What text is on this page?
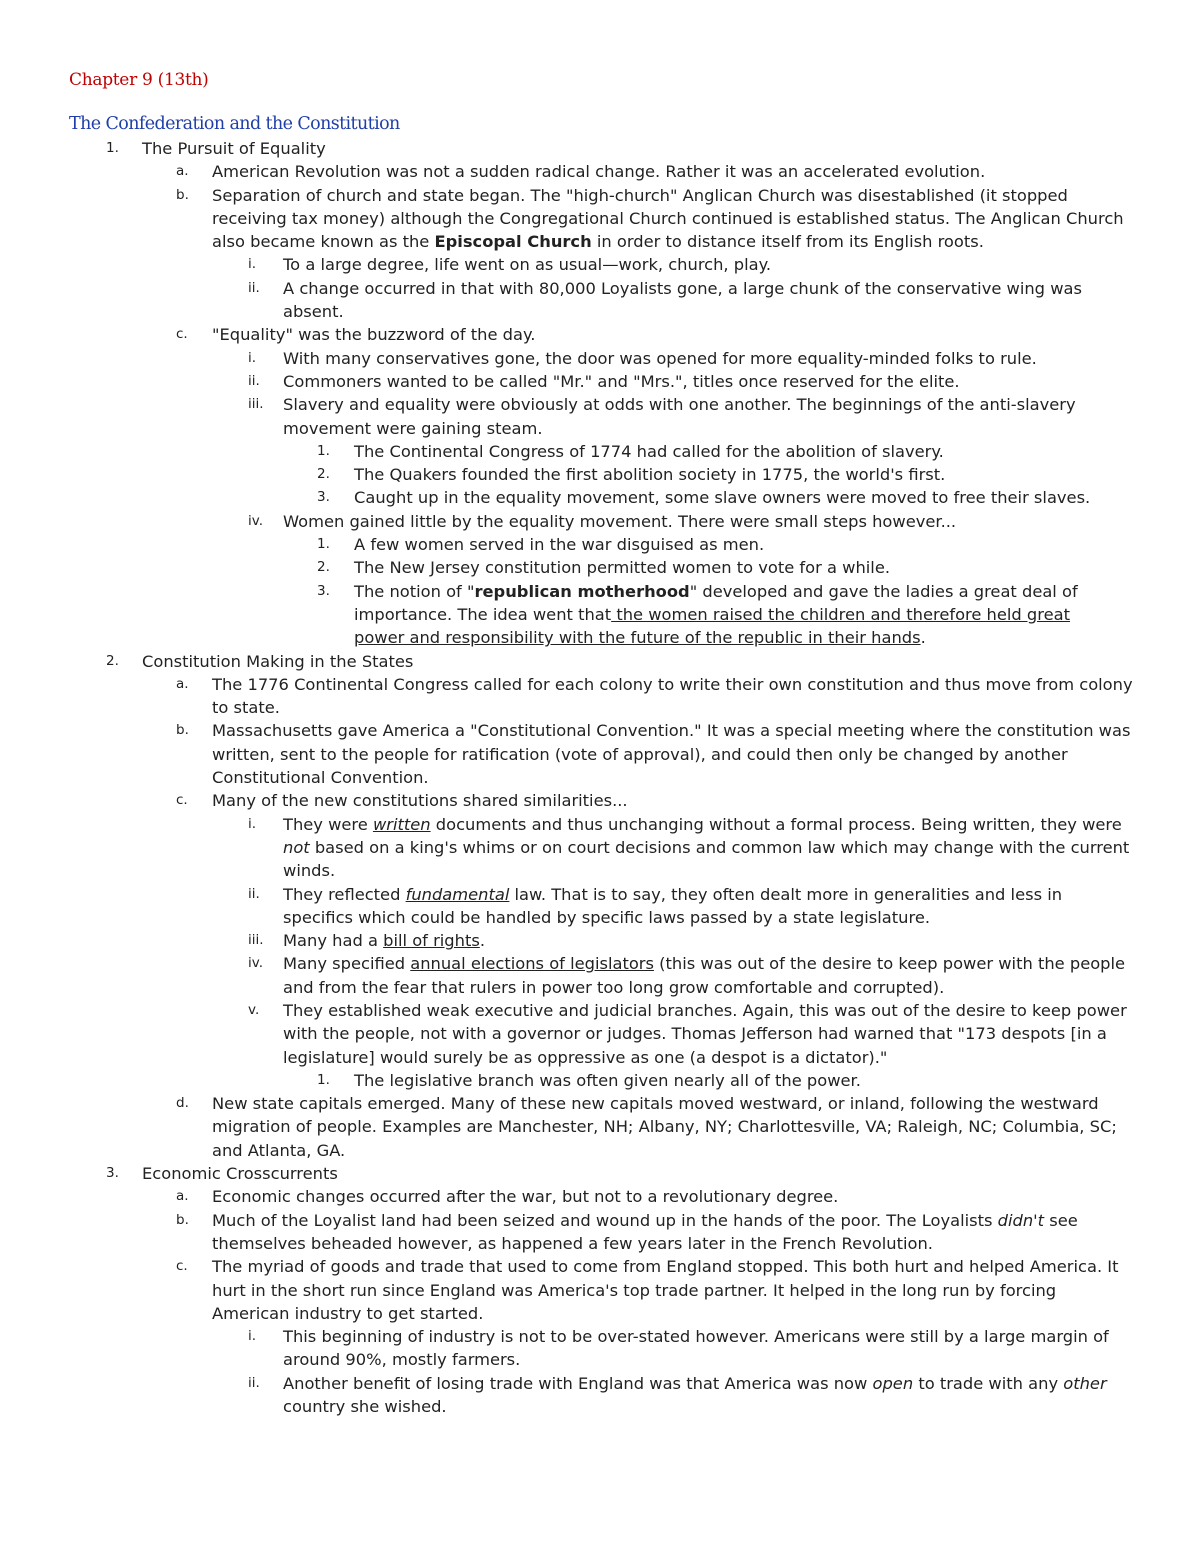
Chapter 9 (13th)
The Confederation and the Constitution
1. The Pursuit of Equality
a. American Revolution was not a sudden radical change. Rather it was an accelerated evolution.
b. Separation of church and state began. The "high-church" Anglican Church was disestablished (it stopped receiving tax money) although the Congregational Church continued is established status. The Anglican Church also became known as the Episcopal Church in order to distance itself from its English roots.
i. To a large degree, life went on as usual—work, church, play.
ii. A change occurred in that with 80,000 Loyalists gone, a large chunk of the conservative wing was absent.
c. "Equality" was the buzzword of the day.
i. With many conservatives gone, the door was opened for more equality-minded folks to rule.
ii. Commoners wanted to be called "Mr." and "Mrs.", titles once reserved for the elite.
iii. Slavery and equality were obviously at odds with one another. The beginnings of the anti-slavery movement were gaining steam.
1. The Continental Congress of 1774 had called for the abolition of slavery.
2. The Quakers founded the first abolition society in 1775, the world's first.
3. Caught up in the equality movement, some slave owners were moved to free their slaves.
iv. Women gained little by the equality movement. There were small steps however...
1. A few women served in the war disguised as men.
2. The New Jersey constitution permitted women to vote for a while.
3. The notion of "republican motherhood" developed and gave the ladies a great deal of importance. The idea went that the women raised the children and therefore held great power and responsibility with the future of the republic in their hands.
2. Constitution Making in the States
a. The 1776 Continental Congress called for each colony to write their own constitution and thus move from colony to state.
b. Massachusetts gave America a "Constitutional Convention." It was a special meeting where the constitution was written, sent to the people for ratification (vote of approval), and could then only be changed by another Constitutional Convention.
c. Many of the new constitutions shared similarities...
i. They were written documents and thus unchanging without a formal process. Being written, they were not based on a king's whims or on court decisions and common law which may change with the current winds.
ii. They reflected fundamental law. That is to say, they often dealt more in generalities and less in specifics which could be handled by specific laws passed by a state legislature.
iii. Many had a bill of rights.
iv. Many specified annual elections of legislators (this was out of the desire to keep power with the people and from the fear that rulers in power too long grow comfortable and corrupted).
v. They established weak executive and judicial branches. Again, this was out of the desire to keep power with the people, not with a governor or judges. Thomas Jefferson had warned that "173 despots [in a legislature] would surely be as oppressive as one (a despot is a dictator)."
1. The legislative branch was often given nearly all of the power.
d. New state capitals emerged. Many of these new capitals moved westward, or inland, following the westward migration of people. Examples are Manchester, NH; Albany, NY; Charlottesville, VA; Raleigh, NC; Columbia, SC; and Atlanta, GA.
3. Economic Crosscurrents
a. Economic changes occurred after the war, but not to a revolutionary degree.
b. Much of the Loyalist land had been seized and wound up in the hands of the poor. The Loyalists didn't see themselves beheaded however, as happened a few years later in the French Revolution.
c. The myriad of goods and trade that used to come from England stopped. This both hurt and helped America. It hurt in the short run since England was America's top trade partner. It helped in the long run by forcing American industry to get started.
i. This beginning of industry is not to be over-stated however. Americans were still by a large margin of around 90%, mostly farmers.
ii. Another benefit of losing trade with England was that America was now open to trade with any other country she wished.
